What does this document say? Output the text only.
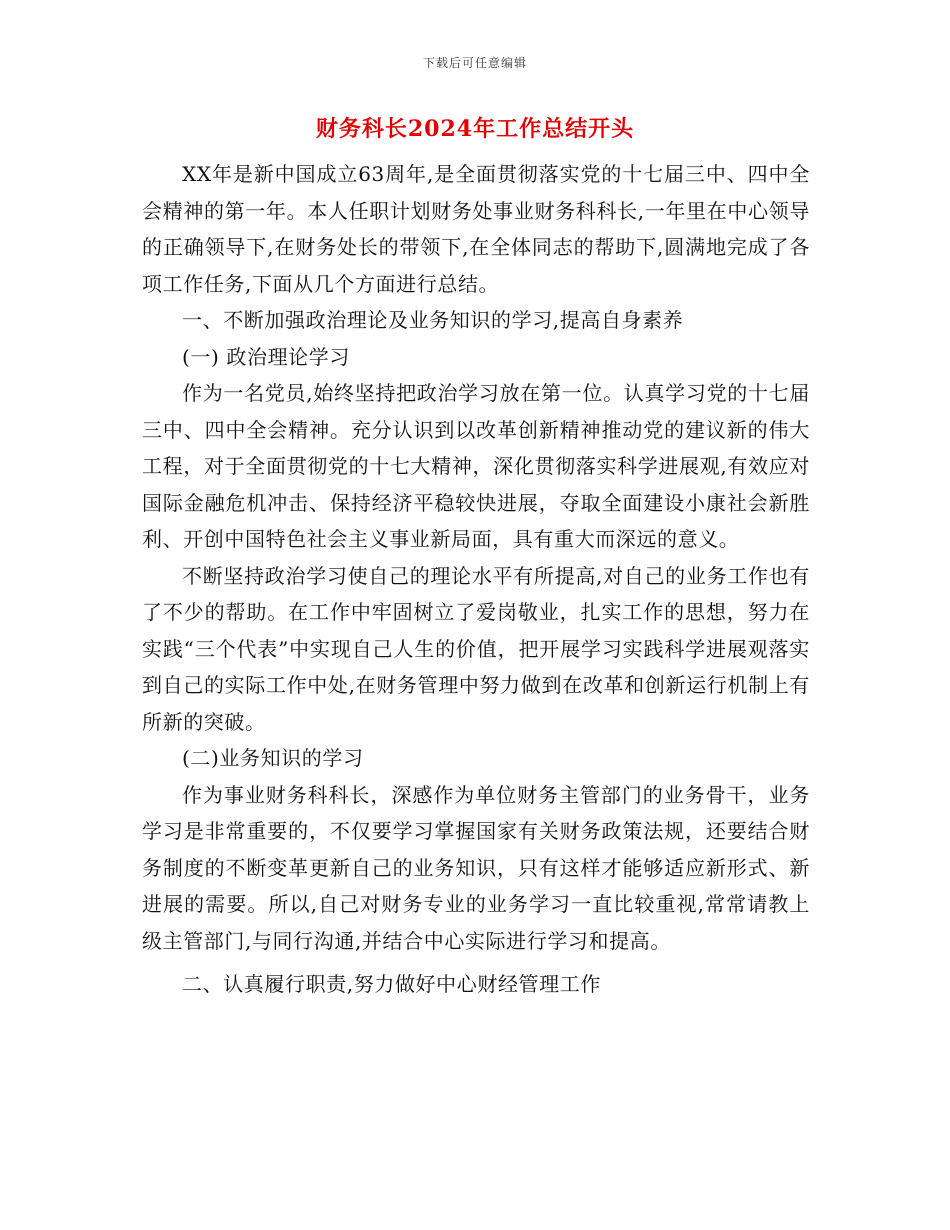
下载后可任意编辑
财务科长2024年工作总结开头

XX年是新中国成立63周年,是全面贯彻落实党的十七届三中、四中全会精神的第一年。本人任职计划财务处事业财务科科长,一年里在中心领导的正确领导下,在财务处长的带领下,在全体同志的帮助下,圆满地完成了各项工作任务,下面从几个方面进行总结。

一、不断加强政治理论及业务知识的学习,提高自身素养

(一) 政治理论学习

作为一名党员,始终坚持把政治学习放在第一位。认真学习党的十七届三中、四中全会精神。充分认识到以改革创新精神推动党的建议新的伟大工程，对于全面贯彻党的十七大精神，深化贯彻落实科学进展观,有效应对国际金融危机冲击、保持经济平稳较快进展，夺取全面建设小康社会新胜利、开创中国特色社会主义事业新局面，具有重大而深远的意义。

不断坚持政治学习使自己的理论水平有所提高,对自己的业务工作也有了不少的帮助。在工作中牢固树立了爱岗敬业，扎实工作的思想，努力在实践“三个代表”中实现自己人生的价值，把开展学习实践科学进展观落实到自己的实际工作中处,在财务管理中努力做到在改革和创新运行机制上有所新的突破。

(二)业务知识的学习

作为事业财务科科长，深感作为单位财务主管部门的业务骨干，业务学习是非常重要的，不仅要学习掌握国家有关财务政策法规，还要结合财务制度的不断变革更新自己的业务知识，只有这样才能够适应新形式、新进展的需要。所以,自己对财务专业的业务学习一直比较重视,常常请教上级主管部门,与同行沟通,并结合中心实际进行学习和提高。

二、认真履行职责,努力做好中心财经管理工作
